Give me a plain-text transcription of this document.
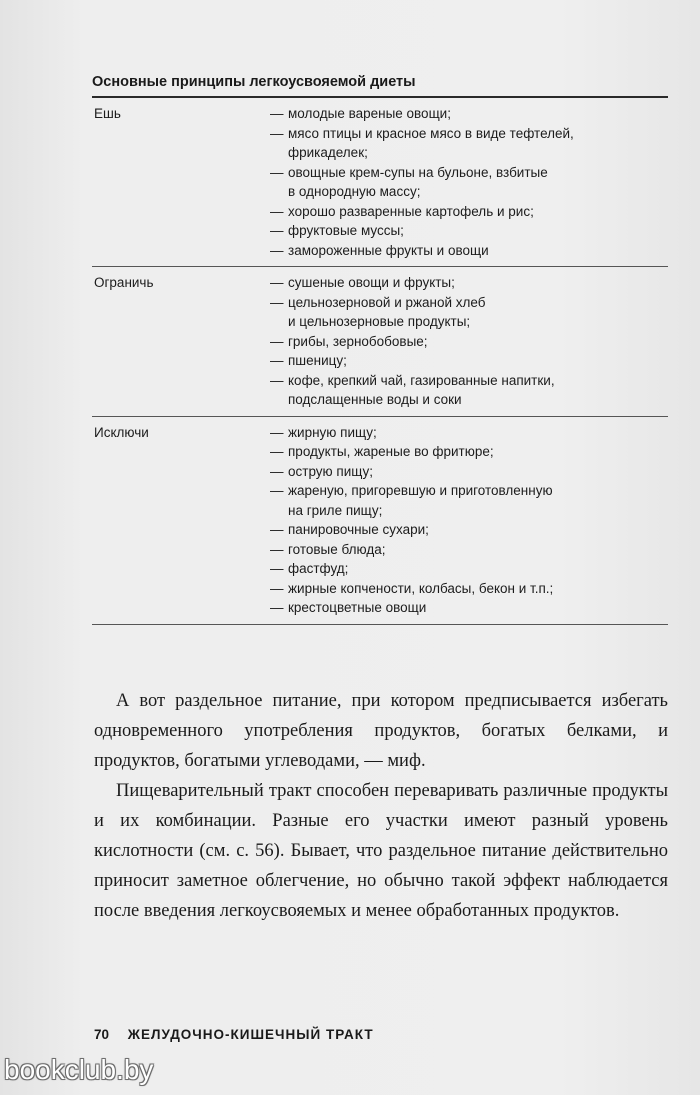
Основные принципы легкоусвояемой диеты
Ешь	— молодые вареные овощи;
— мясо птицы и красное мясо в виде тефтелей,
фрикаделек;
— овощные крем-супы на бульоне, взбитые
в однородную массу;
— хорошо разваренные картофель и рис;
— фруктовые муссы;
— замороженные фрукты и овощи
Ограничь	— сушеные овощи и фрукты;
— цельнозерновой и ржаной хлеб
и цельнозерновые продукты;
— грибы, зернобобовые;
— пшеницу;
— кофе, крепкий чай, газированные напитки,
подслащенные воды и соки
Исключи	— жирную пищу;
— продукты, жареные во фритюре;
— острую пищу;
— жареную, пригоревшую и приготовленную
на гриле пищу;
— панировочные сухари;
— готовые блюда;
— фастфуд;
— жирные копчености, колбасы, бекон и т.п.;
— крестоцветные овощи

А вот раздельное питание, при котором предписывается избегать одновременного употребления продуктов, богатых белками, и продуктов, богатыми углеводами, — миф.

Пищеварительный тракт способен переваривать различные продукты и их комбинации. Разные его участки имеют разный уровень кислотности (см. с. 56). Бывает, что раздельное питание действительно приносит заметное облегчение, но обычно такой эффект наблюдается после введения легкоусвояемых и менее обработанных продуктов.

70 ЖЕЛУДОЧНО-КИШЕЧНЫЙ ТРАКТ
bookclub.by
